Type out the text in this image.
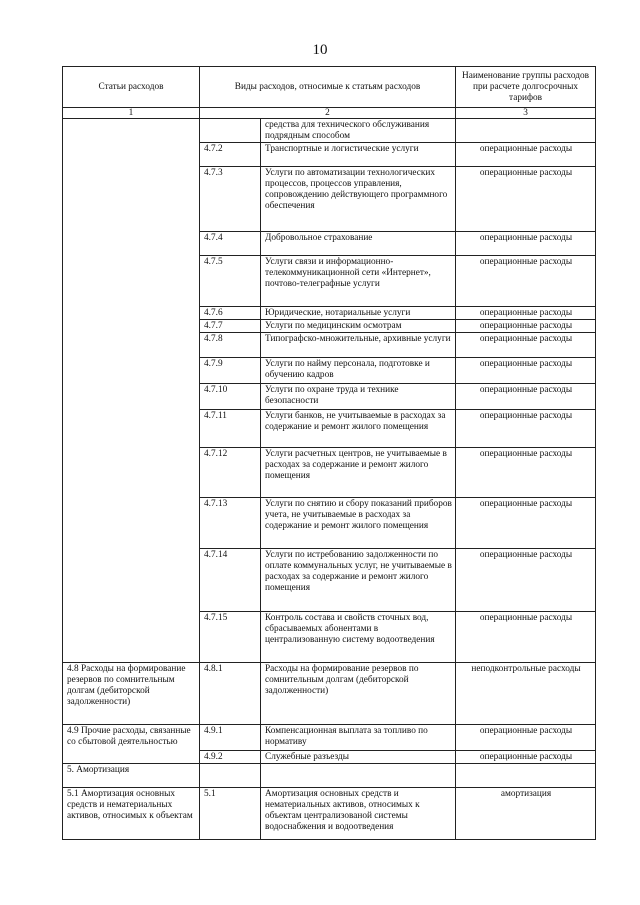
10
Статьи расходов	Виды расходов, относимые к статьям расходов		Наименование группы расходов при расчете долгосрочных тарифов
1	2		3
		средства для технического обслуживания подрядным способом	
	4.7.2	Транспортные и логистические услуги	операционные расходы
	4.7.3	Услуги по автоматизации технологических процессов, процессов управления, сопровождению действующего программного обеспечения	операционные расходы
	4.7.4	Добровольное страхование	операционные расходы
	4.7.5	Услуги связи и информационно-телекоммуникационной сети «Интернет», почтово-телеграфные услуги	операционные расходы
	4.7.6	Юридические, нотариальные услуги	операционные расходы
	4.7.7	Услуги по медицинским осмотрам	операционные расходы
	4.7.8	Типографско-множительные, архивные услуги	операционные расходы
	4.7.9	Услуги по найму персонала, подготовке и обучению кадров	операционные расходы
	4.7.10	Услуги по охране труда и технике безопасности	операционные расходы
	4.7.11	Услуги банков, не учитываемые в расходах за содержание и ремонт жилого помещения	операционные расходы
	4.7.12	Услуги расчетных центров, не учитываемые в расходах за содержание и ремонт жилого помещения	операционные расходы
	4.7.13	Услуги по снятию и сбору показаний приборов учета, не учитываемые в расходах за содержание и ремонт жилого помещения	операционные расходы
	4.7.14	Услуги по истребованию задолженности по оплате коммунальных услуг, не учитываемые в расходах за содержание и ремонт жилого помещения	операционные расходы
	4.7.15	Контроль состава и свойств сточных вод, сбрасываемых абонентами в централизованную систему водоотведения	операционные расходы
4.8 Расходы на формирование резервов по сомнительным долгам (дебиторской задолженности)	4.8.1	Расходы на формирование резервов по сомнительным долгам (дебиторской задолженности)	неподконтрольные расходы
4.9 Прочие расходы, связанные со сбытовой деятельностью	4.9.1	Компенсационная выплата за топливо по нормативу	операционные расходы
	4.9.2	Служебные разъезды	операционные расходы
5. Амортизация			
5.1 Амортизация основных средств и нематериальных активов, относимых к объектам	5.1	Амортизация основных средств и нематериальных активов, относимых к объектам централизованой системы водоснабжения и водоотведения	амортизация
